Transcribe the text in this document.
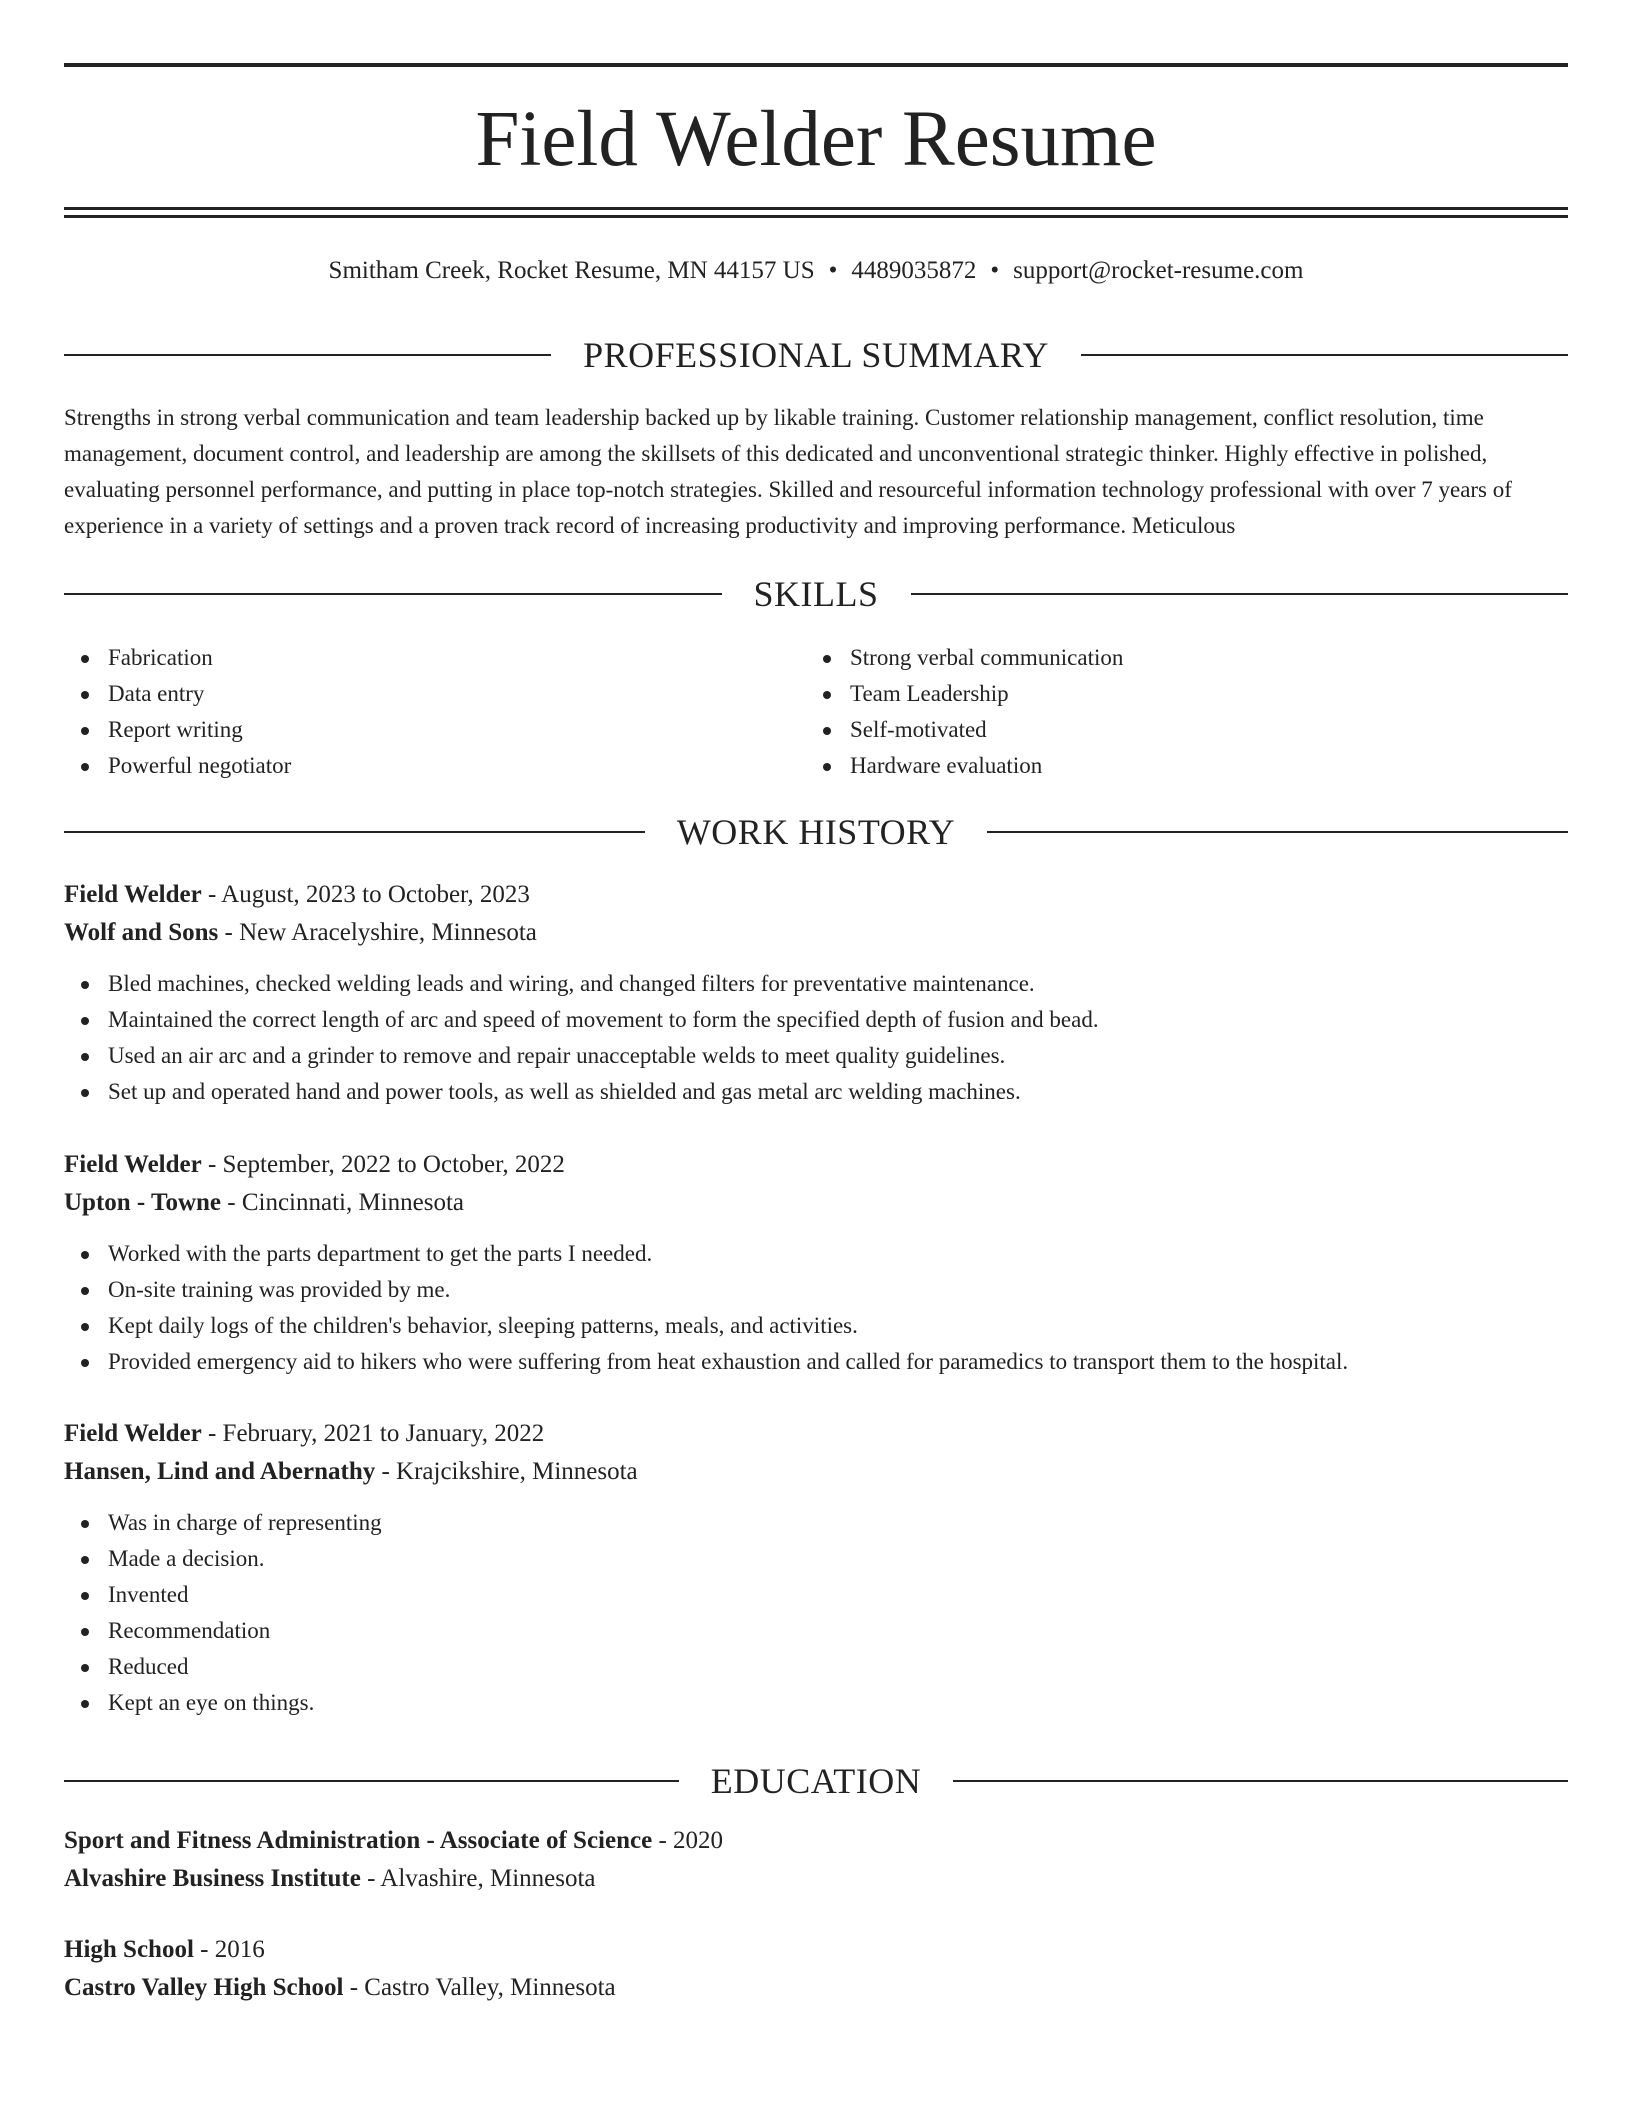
Field Welder Resume
Smitham Creek, Rocket Resume, MN 44157 US • 4489035872 • support@rocket-resume.com
PROFESSIONAL SUMMARY

Strengths in strong verbal communication and team leadership backed up by likable training. Customer relationship management, conflict resolution, time management, document control, and leadership are among the skillsets of this dedicated and unconventional strategic thinker. Highly effective in polished, evaluating personnel performance, and putting in place top-notch strategies. Skilled and resourceful information technology professional with over 7 years of experience in a variety of settings and a proven track record of increasing productivity and improving performance. Meticulous

SKILLS
Fabrication
Data entry
Report writing
Powerful negotiator
Strong verbal communication
Team Leadership
Self-motivated
Hardware evaluation
WORK HISTORY
Field Welder - August, 2023 to October, 2023
Wolf and Sons - New Aracelyshire, Minnesota
Bled machines, checked welding leads and wiring, and changed filters for preventative maintenance.
Maintained the correct length of arc and speed of movement to form the specified depth of fusion and bead.
Used an air arc and a grinder to remove and repair unacceptable welds to meet quality guidelines.
Set up and operated hand and power tools, as well as shielded and gas metal arc welding machines.
Field Welder - September, 2022 to October, 2022
Upton - Towne - Cincinnati, Minnesota
Worked with the parts department to get the parts I needed.
On-site training was provided by me.
Kept daily logs of the children's behavior, sleeping patterns, meals, and activities.
Provided emergency aid to hikers who were suffering from heat exhaustion and called for paramedics to transport them to the hospital.
Field Welder - February, 2021 to January, 2022
Hansen, Lind and Abernathy - Krajcikshire, Minnesota
Was in charge of representing
Made a decision.
Invented
Recommendation
Reduced
Kept an eye on things.
EDUCATION
Sport and Fitness Administration - Associate of Science - 2020
Alvashire Business Institute - Alvashire, Minnesota
High School - 2016
Castro Valley High School - Castro Valley, Minnesota
